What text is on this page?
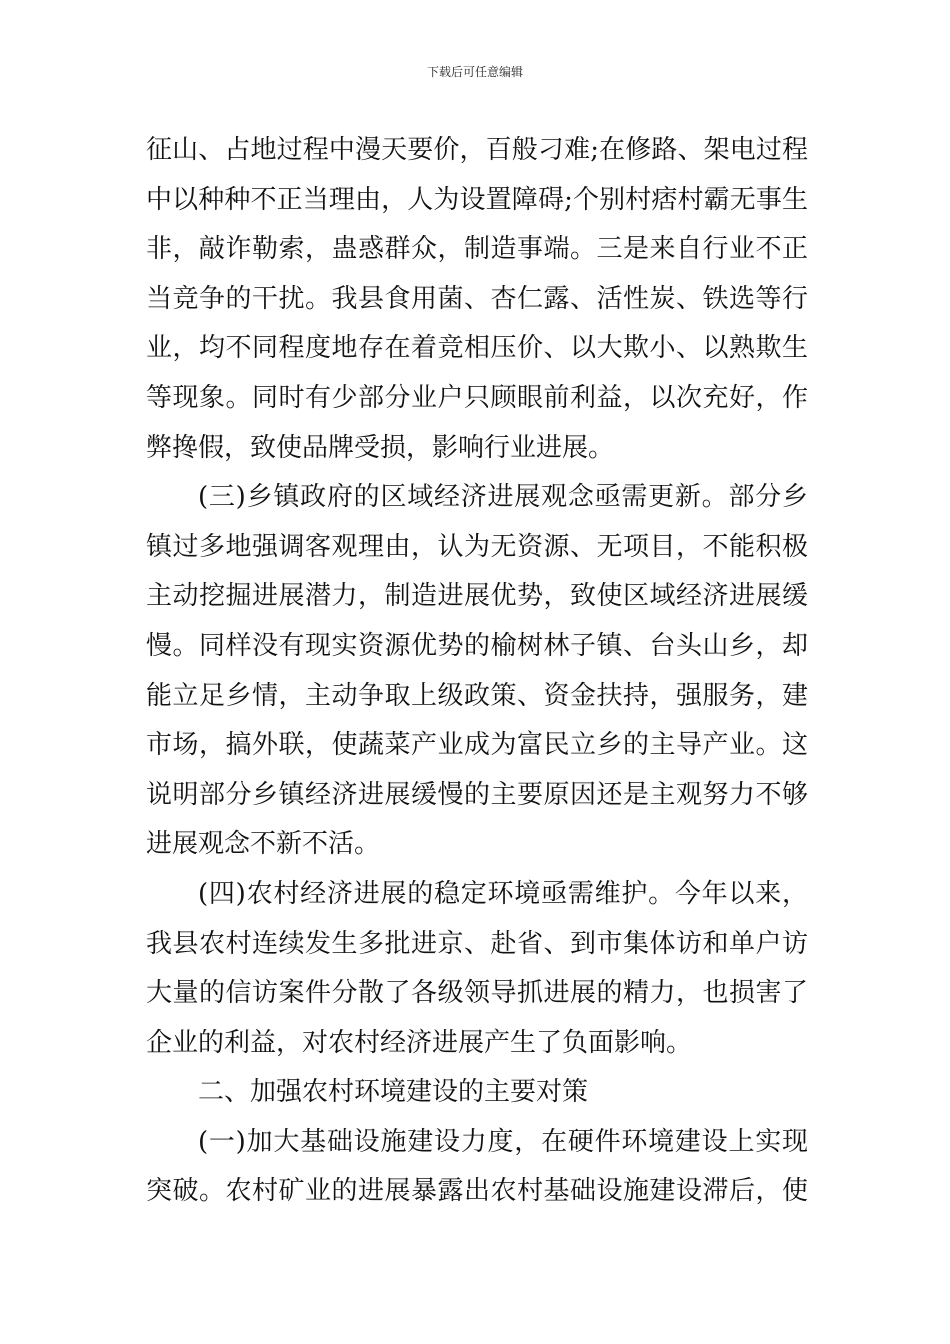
下载后可任意编辑
征山、占地过程中漫天要价，百般刁难;在修路、架电过程
中以种种不正当理由，人为设置障碍;个别村痞村霸无事生
非，敲诈勒索，蛊惑群众，制造事端。三是来自行业不正
当竞争的干扰。我县食用菌、杏仁露、活性炭、铁选等行
业，均不同程度地存在着竞相压价、以大欺小、以熟欺生
等现象。同时有少部分业户只顾眼前利益，以次充好，作
弊搀假，致使品牌受损，影响行业进展。
(三)乡镇政府的区域经济进展观念亟需更新。部分乡
镇过多地强调客观理由，认为无资源、无项目，不能积极
主动挖掘进展潜力，制造进展优势，致使区域经济进展缓
慢。同样没有现实资源优势的榆树林子镇、台头山乡，却
能立足乡情，主动争取上级政策、资金扶持，强服务，建
市场，搞外联，使蔬菜产业成为富民立乡的主导产业。这
说明部分乡镇经济进展缓慢的主要原因还是主观努力不够
进展观念不新不活。
(四)农村经济进展的稳定环境亟需维护。今年以来，
我县农村连续发生多批进京、赴省、到市集体访和单户访
大量的信访案件分散了各级领导抓进展的精力，也损害了
企业的利益，对农村经济进展产生了负面影响。
二、加强农村环境建设的主要对策
(一)加大基础设施建设力度，在硬件环境建设上实现
突破。农村矿业的进展暴露出农村基础设施建设滞后，使
